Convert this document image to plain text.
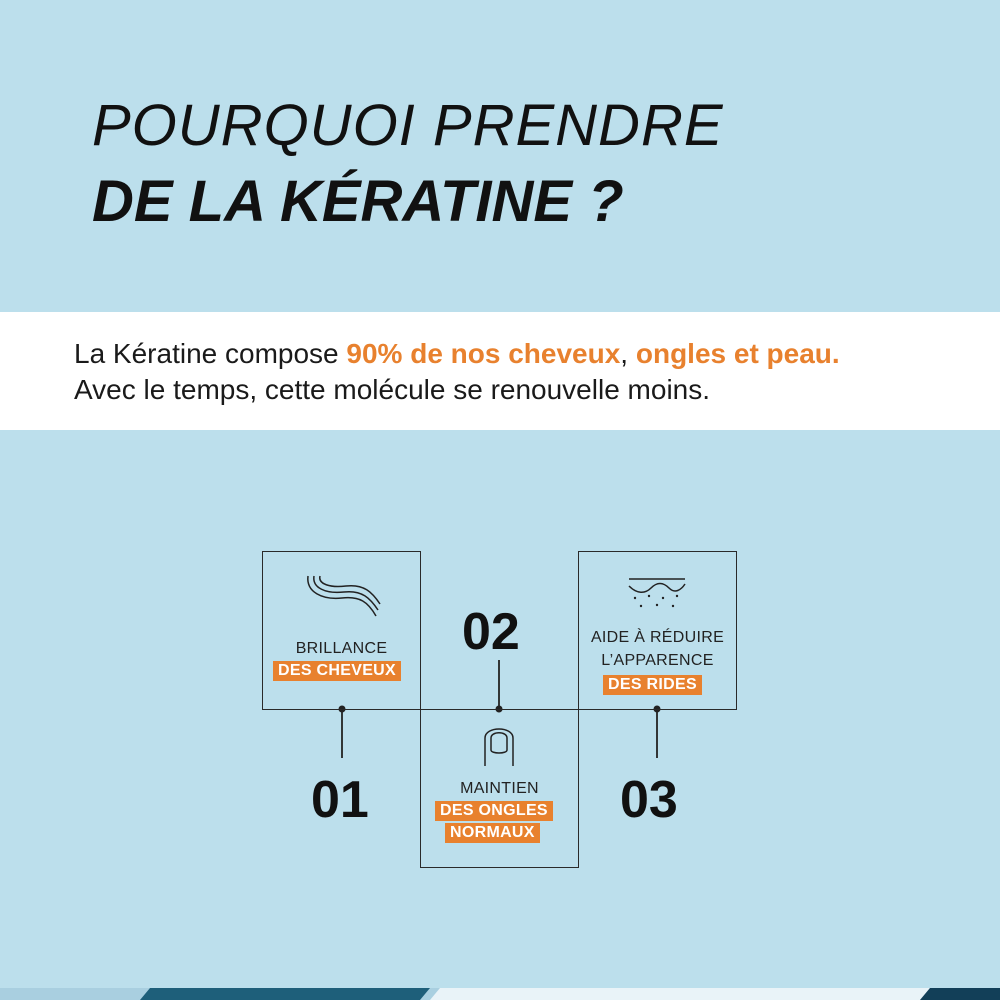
POURQUOI PRENDRE
DE LA KÉRATINE ?
La Kératine compose 90% de nos cheveux, ongles et peau.
Avec le temps, cette molécule se renouvelle moins.
BRILLANCE
DES CHEVEUX
MAINTIEN
DES ONGLES
NORMAUX
AIDE À RÉDUIRE
L’APPARENCE
DES RIDES
01
02
03
